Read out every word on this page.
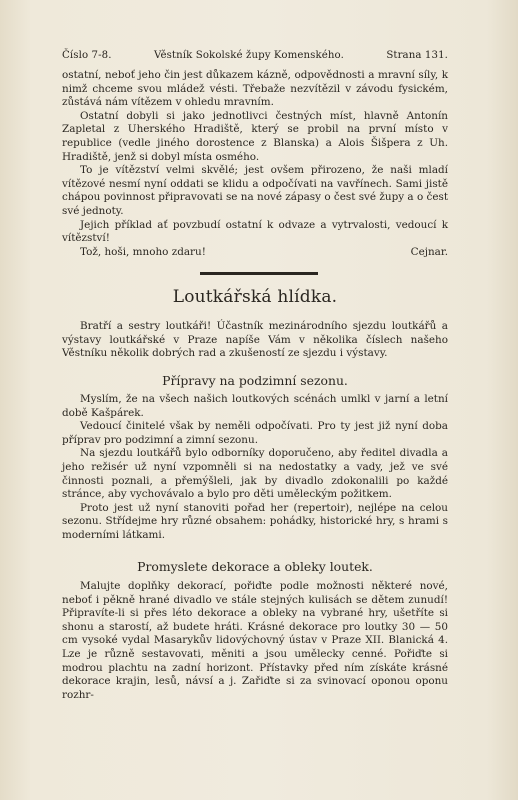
Číslo 7-8.	Věstník Sokolské župy Komenského.	Strana 131.

ostatní, neboť jeho čin jest důkazem kázně, odpovědnosti a mravní síly, k nimž chceme svou mládež vésti. Třebaže nezvítězil v závodu fysickém, zůstává nám vítězem v ohledu mravním.

Ostatní dobyli si jako jednotlivci čestných míst, hlavně Antonín Zapletal z Uherského Hradiště, který se probil na první místo v republice (vedle jiného dorostence z Blanska) a Alois Šišpera z Uh. Hradiště, jenž si dobyl místa osmého.

To je vítězství velmi skvělé; jest ovšem přirozeno, že naši mladí vítězové nesmí nyní oddati se klidu a odpočívati na vavřínech. Sami jistě chápou povinnost připravovati se na nové zápasy o čest své župy a o čest své jednoty.

Jejich příklad ať povzbudí ostatní k odvaze a vytrvalosti, vedoucí k vítězství!

Tož, hoši, mnoho zdaru!	Cejnar.
Loutkářská hlídka.

Bratří a sestry loutkáři! Účastník mezinárodního sjezdu loutkářů a výstavy loutkářské v Praze napíše Vám v několika číslech našeho Věstníku několik dobrých rad a zkušeností ze sjezdu i výstavy.

Přípravy na podzimní sezonu.

Myslím, že na všech našich loutkových scénách umlkl v jarní a letní době Kašpárek.

Vedoucí činitelé však by neměli odpočívati. Pro ty jest již nyní doba příprav pro podzimní a zimní sezonu.

Na sjezdu loutkářů bylo odborníky doporučeno, aby ředitel divadla a jeho režisér už nyní vzpomněli si na nedostatky a vady, jež ve své činnosti poznali, a přemýšleli, jak by divadlo zdokonalili po každé stránce, aby vychovávalo a bylo pro děti uměleckým požitkem.

Proto jest už nyní stanoviti pořad her (repertoir), nejlépe na celou sezonu. Střídejme hry různé obsahem: pohádky, historické hry, s hrami s moderními látkami.

Promyslete dekorace a obleky loutek.

Malujte doplňky dekorací, pořiďte podle možnosti některé nové, neboť i pěkně hrané divadlo ve stále stejných kulisách se dětem zunudí! Připravíte-li si přes léto dekorace a obleky na vybrané hry, ušetříte si shonu a starostí, až budete hráti. Krásné dekorace pro loutky 30 — 50 cm vysoké vydal Masarykův lidovýchovný ústav v Praze XII. Blanická 4. Lze je různě sestavovati, měniti a jsou umělecky cenné. Pořiďte si modrou plachtu na zadní horizont. Přístavky před ním získáte krásné dekorace krajin, lesů, návsí a j. Zařiďte si za svinovací oponou oponu rozhr-
